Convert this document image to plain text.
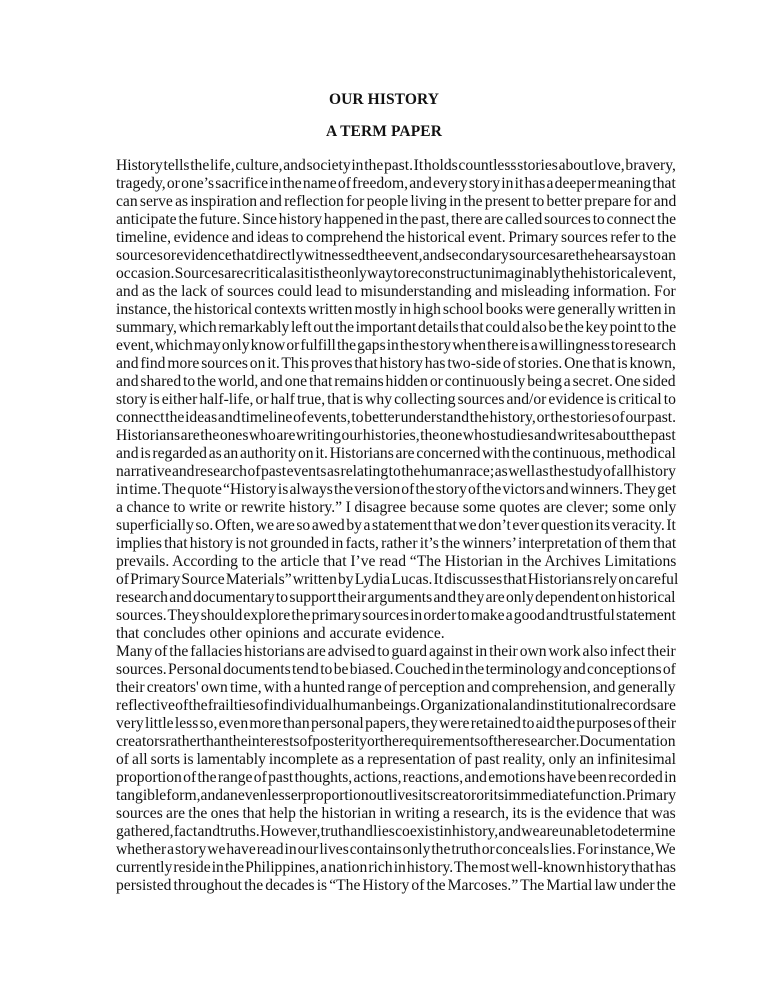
OUR HISTORY
A TERM PAPER
History tells the life, culture, and society in the past. It holds countless stories about love, bravery,
tragedy, or one’s sacrifice in the name of freedom, and every story in it has a deeper meaning that
can serve as inspiration and reflection for people living in the present to better prepare for and
anticipate the future. Since history happened in the past, there are called sources to connect the
timeline, evidence and ideas to comprehend the historical event. Primary sources refer to the
sources or evidence that directly witnessed the event, and secondary sources are the hearsays to an
occasion. Sources are critical as it is the only way to reconstruct unimaginably the historical event,
and as the lack of sources could lead to misunderstanding and misleading information. For
instance, the historical contexts written mostly in high school books were generally written in
summary, which remarkably left out the important details that could also be the key point to the
event, which may only know or fulfill the gaps in the story when there is a willingness to research
and find more sources on it. This proves that history has two-side of stories. One that is known,
and shared to the world, and one that remains hidden or continuously being a secret. One sided
story is either half-life, or half true, that is why collecting sources and/or evidence is critical to
connect the ideas and timeline of events, to better understand the history, or the stories of our past.
Historians are the ones who are writing our histories, the one who studies and writes about the past
and is regarded as an authority on it. Historians are concerned with the continuous, methodical
narrative and research of past events as relating to the human race; as well as the study of all history
in time. The quote “History is always the version of the story of the victors and winners. They get
a chance to write or rewrite history.” I disagree because some quotes are clever; some only
superficially so. Often, we are so awed by a statement that we don’t ever question its veracity. It
implies that history is not grounded in facts, rather it’s the winners’ interpretation of them that
prevails. According to the article that I’ve read “The Historian in the Archives Limitations
of Primary Source Materials” written by Lydia Lucas. It discusses that Historians rely on careful
research and documentary to support their arguments and they are only dependent on historical
sources. They should explore the primary sources in order to make a good and trustful statement
that concludes other opinions and accurate evidence.
Many of the fallacies historians are advised to guard against in their own work also infect their
sources. Personal documents tend to be biased. Couched in the terminology and conceptions of
their creators' own time, with a hunted range of perception and comprehension, and generally
reflective of the frailties of individual human beings. Organizational and institutional records are
very little less so, even more than personal papers, they were retained to aid the purposes of their
creators rather than the interests of posterity or the requirements of the researcher. Documentation
of all sorts is lamentably incomplete as a representation of past reality, only an infinitesimal
proportion of the range of past thoughts, actions, reactions, and emotions have been recorded in
tangible form, and an even lesser proportion outlives its creator or its immediate function. Primary
sources are the ones that help the historian in writing a research, its is the evidence that was
gathered, fact and truths. However, truth and lies coexist in history, and we are unable to determine
whether a story we have read in our lives contains only the truth or conceals lies. For instance, We
currently reside in the Philippines, a nation rich in history. The most well-known history that has
persisted throughout the decades is “The History of the Marcoses.” The Martial law under the
